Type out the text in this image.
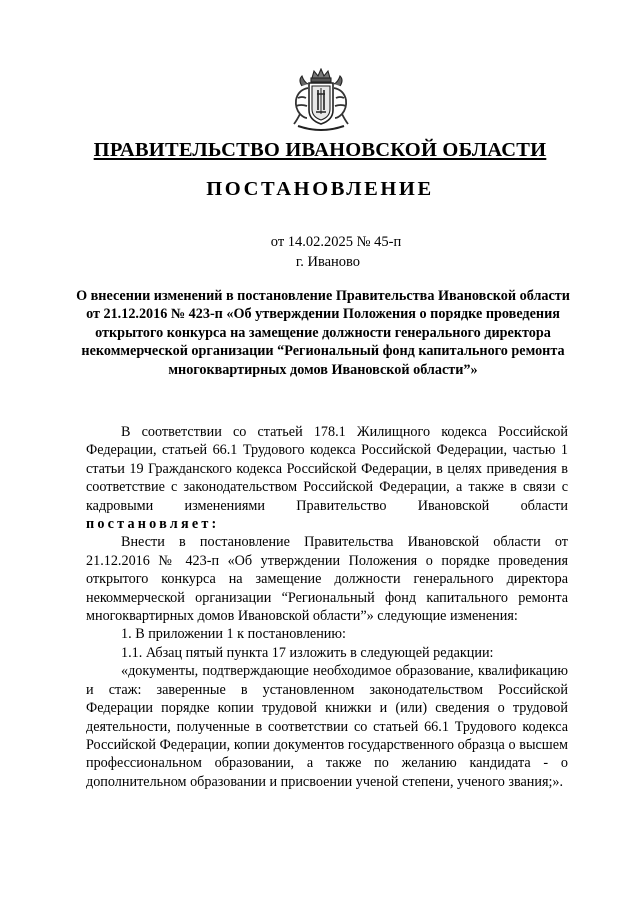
ПРАВИТЕЛЬСТВО ИВАНОВСКОЙ ОБЛАСТИ
ПОСТАНОВЛЕНИЕ
от 14.02.2025 № 45-п
г. Иваново
О внесении изменений в постановление Правительства Ивановской области от 21.12.2016 № 423-п «Об утверждении Положения о порядке проведения открытого конкурса на замещение должности генерального директора некоммерческой организации “Региональный фонд капитального ремонта многоквартирных домов Ивановской области”»

В соответствии со статьей 178.1 Жилищного кодекса Российской Федерации, статьей 66.1 Трудового кодекса Российской Федерации, частью 1 статьи 19 Гражданского кодекса Российской Федерации, в целях приведения в соответствие с законодательством Российской Федерации, а также в связи с кадровыми изменениями Правительство Ивановской области постановляет:

Внести в постановление Правительства Ивановской области от 21.12.2016 № 423-п «Об утверждении Положения о порядке проведения открытого конкурса на замещение должности генерального директора некоммерческой организации “Региональный фонд капитального ремонта многоквартирных домов Ивановской области”» следующие изменения:

1. В приложении 1 к постановлению:

1.1. Абзац пятый пункта 17 изложить в следующей редакции:

«документы, подтверждающие необходимое образование, квалификацию и стаж: заверенные в установленном законодательством Российской Федерации порядке копии трудовой книжки и (или) сведения о трудовой деятельности, полученные в соответствии со статьей 66.1 Трудового кодекса Российской Федерации, копии документов государственного образца о высшем профессиональном образовании, а также по желанию кандидата - о дополнительном образовании и присвоении ученой степени, ученого звания;».
